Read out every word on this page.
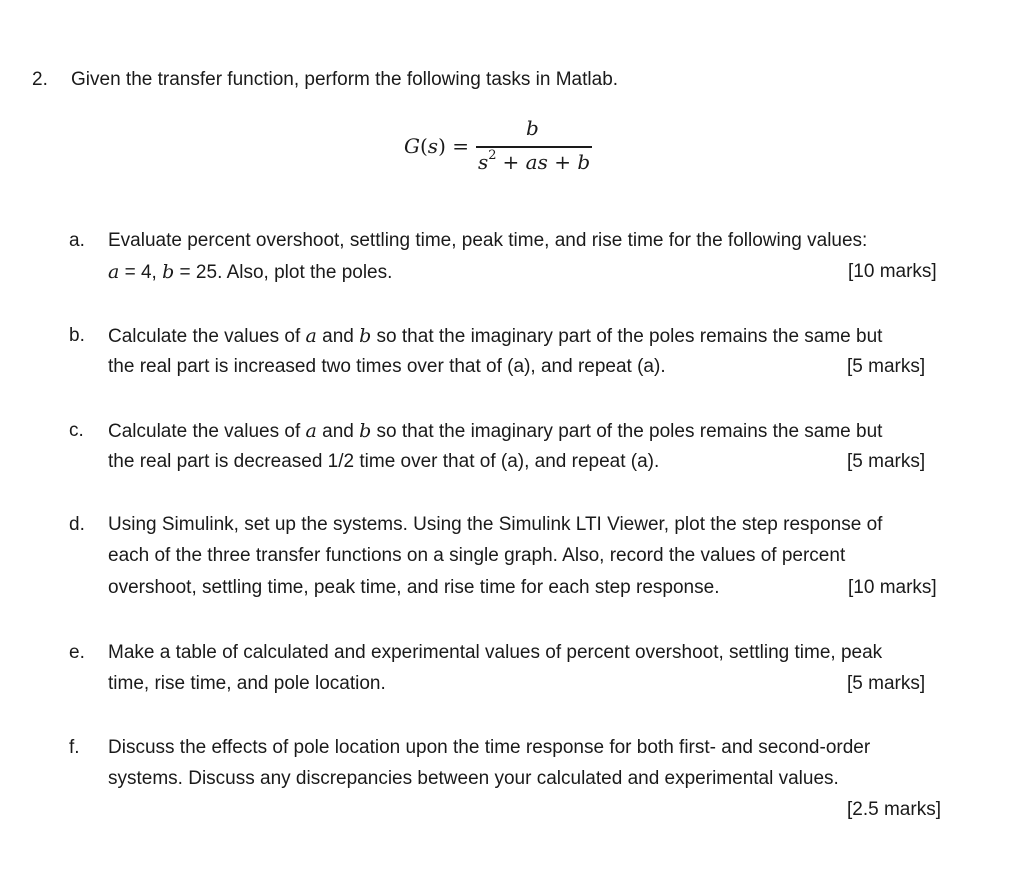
2. Given the transfer function, perform the following tasks in Matlab.
G(s) =
b
$s^2$ + as + b
a. Evaluate percent overshoot, settling time, peak time, and rise time for the following values:
a = 4, b = 25. Also, plot the poles.	[10 marks]
b. Calculate the values of a and b so that the imaginary part of the poles remains the same but
the real part is increased two times over that of (a), and repeat (a).	[5 marks]
c. Calculate the values of a and b so that the imaginary part of the poles remains the same but
the real part is decreased 1/2 time over that of (a), and repeat (a).	[5 marks]
d. Using Simulink, set up the systems. Using the Simulink LTI Viewer, plot the step response of
each of the three transfer functions on a single graph. Also, record the values of percent
overshoot, settling time, peak time, and rise time for each step response.	[10 marks]
e. Make a table of calculated and experimental values of percent overshoot, settling time, peak
time, rise time, and pole location.	[5 marks]
f. Discuss the effects of pole location upon the time response for both first- and second-order
systems. Discuss any discrepancies between your calculated and experimental values.
[2.5 marks]
